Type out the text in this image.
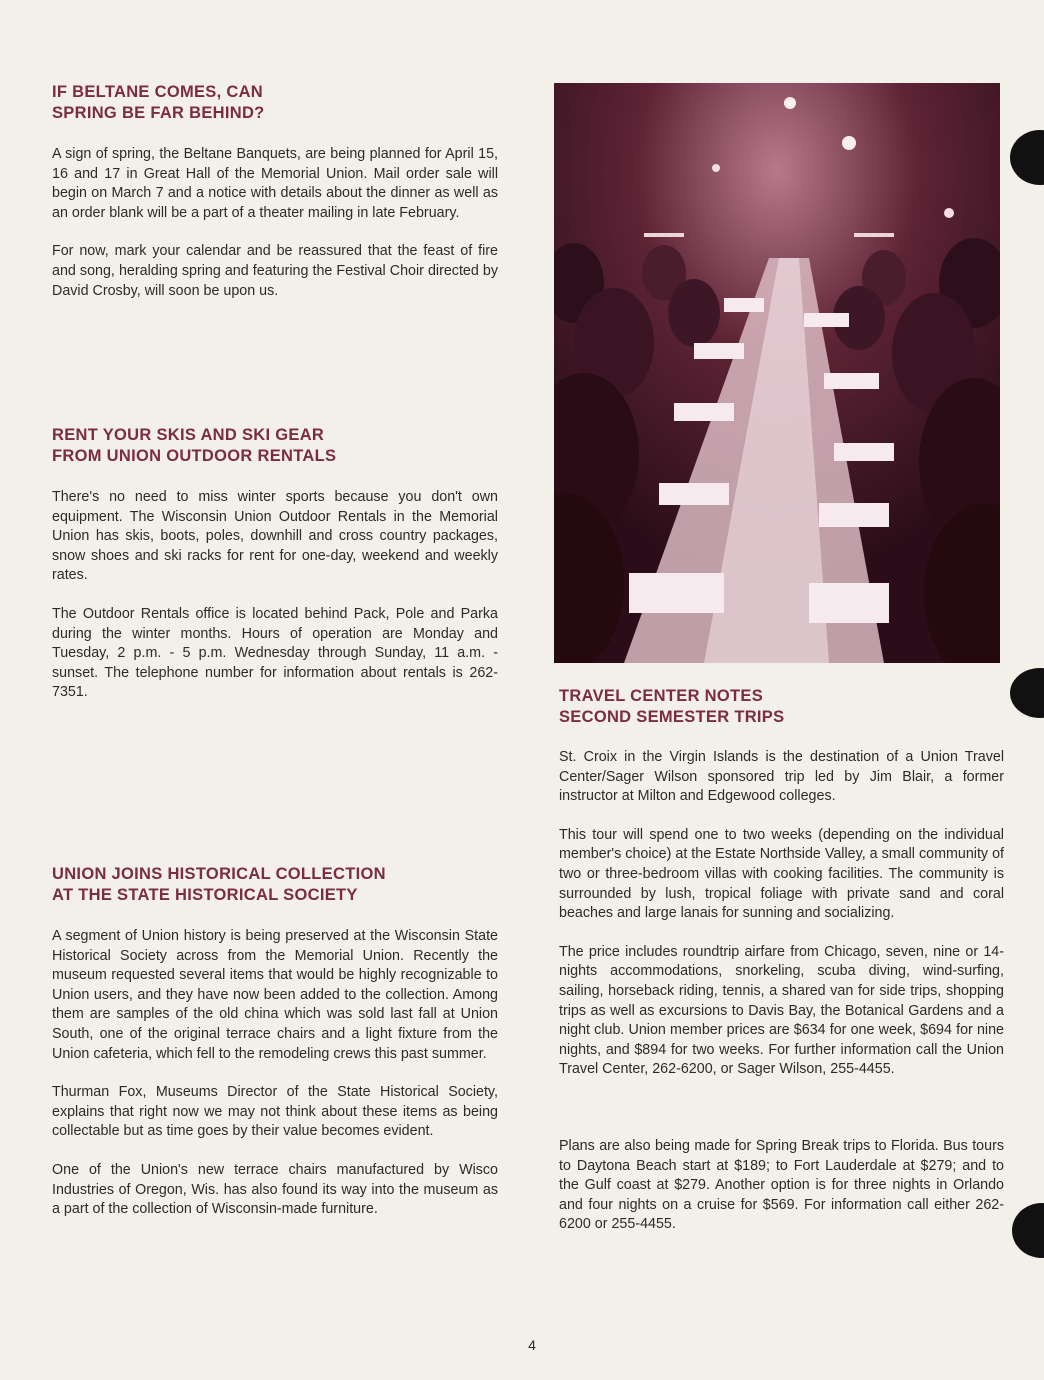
IF BELTANE COMES, CAN
SPRING BE FAR BEHIND?

A sign of spring, the Beltane Banquets, are being planned for April 15, 16 and 17 in Great Hall of the Memorial Union. Mail order sale will begin on March 7 and a notice with details about the dinner as well as an order blank will be a part of a theater mailing in late February.

For now, mark your calendar and be reassured that the feast of fire and song, heralding spring and featuring the Festival Choir directed by David Crosby, will soon be upon us.

RENT YOUR SKIS AND SKI GEAR
FROM UNION OUTDOOR RENTALS

There's no need to miss winter sports because you don't own equipment. The Wisconsin Union Outdoor Rentals in the Memorial Union has skis, boots, poles, downhill and cross country packages, snow shoes and ski racks for rent for one-day, weekend and weekly rates.

The Outdoor Rentals office is located behind Pack, Pole and Parka during the winter months. Hours of operation are Monday and Tuesday, 2 p.m. - 5 p.m. Wednesday through Sunday, 11 a.m. - sunset. The telephone number for information about rentals is 262-7351.

UNION JOINS HISTORICAL COLLECTION
AT THE STATE HISTORICAL SOCIETY

A segment of Union history is being preserved at the Wisconsin State Historical Society across from the Memorial Union. Recently the museum requested several items that would be highly recognizable to Union users, and they have now been added to the collection. Among them are samples of the old china which was sold last fall at Union South, one of the original terrace chairs and a light fixture from the Union cafeteria, which fell to the remodeling crews this past summer.

Thurman Fox, Museums Director of the State Historical Society, explains that right now we may not think about these items as being collectable but as time goes by their value becomes evident.

One of the Union's new terrace chairs manufactured by Wisco Industries of Oregon, Wis. has also found its way into the museum as a part of the collection of Wisconsin-made furniture.

TRAVEL CENTER NOTES
SECOND SEMESTER TRIPS

St. Croix in the Virgin Islands is the destination of a Union Travel Center/Sager Wilson sponsored trip led by Jim Blair, a former instructor at Milton and Edgewood colleges.

This tour will spend one to two weeks (depending on the individual member's choice) at the Estate Northside Valley, a small community of two or three-bedroom villas with cooking facilities. The community is surrounded by lush, tropical foliage with private sand and coral beaches and large lanais for sunning and socializing.

The price includes roundtrip airfare from Chicago, seven, nine or 14-nights accommodations, snorkeling, scuba diving, wind-surfing, sailing, horseback riding, tennis, a shared van for side trips, shopping trips as well as excursions to Davis Bay, the Botanical Gardens and a night club. Union member prices are $634 for one week, $694 for nine nights, and $894 for two weeks. For further information call the Union Travel Center, 262-6200, or Sager Wilson, 255-4455.

Plans are also being made for Spring Break trips to Florida. Bus tours to Daytona Beach start at $189; to Fort Lauderdale at $279; and to the Gulf coast at $279. Another option is for three nights in Orlando and four nights on a cruise for $569. For information call either 262-6200 or 255-4455.

4
